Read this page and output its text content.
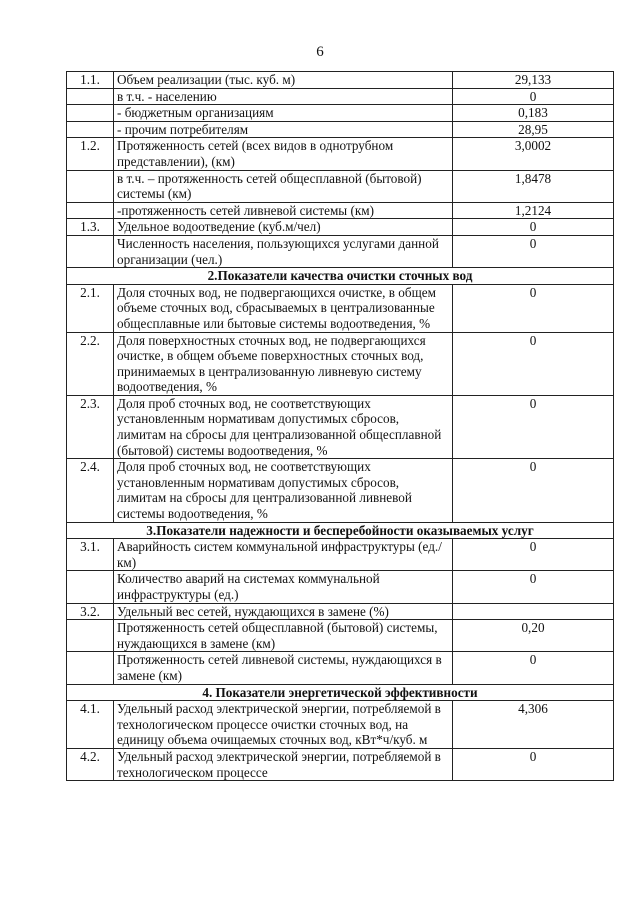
6
1.1.	Объем реализации (тыс. куб. м)	29,133
	в т.ч. - населению	0
	- бюджетным организациям	0,183
	- прочим потребителям	28,95
1.2.	Протяженность сетей (всех видов в однотрубном представлении), (км)	3,0002
	в т.ч. – протяженность сетей общесплавной (бытовой) системы (км)	1,8478
	-протяженность сетей ливневой системы (км)	1,2124
1.3.	Удельное водоотведение (куб.м/чел)	0
	Численность населения, пользующихся услугами данной организации (чел.)	0
2.Показатели качества очистки сточных вод		
2.1.	Доля сточных вод, не подвергающихся очистке, в общем объеме сточных вод, сбрасываемых в централизованные общесплавные или бытовые системы водоотведения, %	0
2.2.	Доля поверхностных сточных вод, не подвергающихся очистке, в общем объеме поверхностных сточных вод, принимаемых в централизованную ливневую систему водоотведения, %	0
2.3.	Доля проб сточных вод, не соответствующих установленным нормативам допустимых сбросов, лимитам на сбросы для централизованной общесплавной (бытовой) системы водоотведения, %	0
2.4.	Доля проб сточных вод, не соответствующих установленным нормативам допустимых сбросов, лимитам на сбросы для централизованной ливневой системы водоотведения, %	0
3.Показатели надежности и бесперебойности оказываемых услуг		
3.1.	Аварийность систем коммунальной инфраструктуры (ед./км)	0
	Количество аварий на системах коммунальной инфраструктуры (ед.)	0
3.2.	Удельный вес сетей, нуждающихся в замене (%)	
	Протяженность сетей общесплавной (бытовой) системы, нуждающихся в замене (км)	0,20
	Протяженность сетей ливневой системы, нуждающихся в замене (км)	0
4. Показатели энергетической эффективности		
4.1.	Удельный расход электрической энергии, потребляемой в технологическом процессе очистки сточных вод, на единицу объема очищаемых сточных вод, кВт*ч/куб. м	4,306
4.2.	Удельный расход электрической энергии, потребляемой в технологическом процессе	0
